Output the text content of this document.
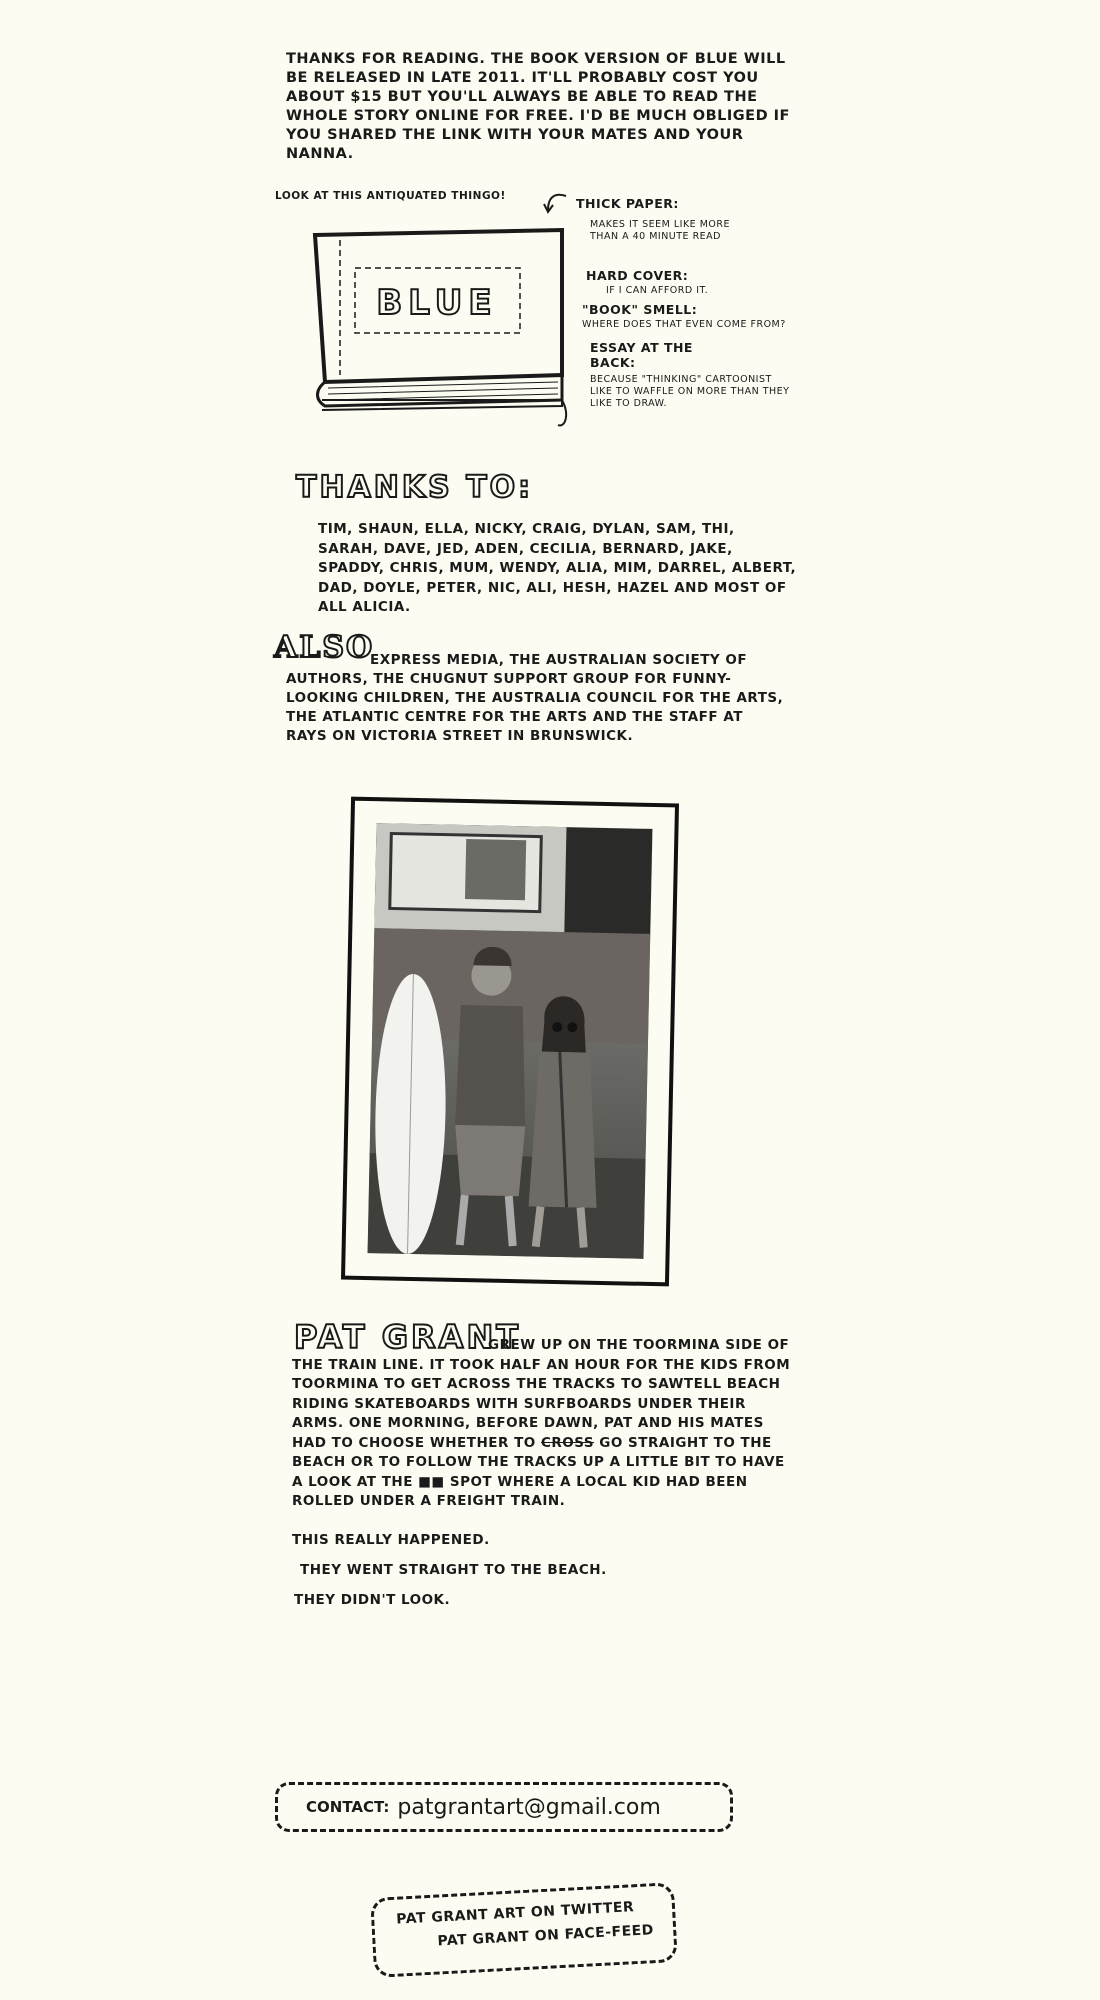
THANKS FOR READING. THE BOOK VERSION OF BLUE WILL BE RELEASED IN LATE 2011. IT'LL PROBABLY COST YOU ABOUT $15 BUT YOU'LL ALWAYS BE ABLE TO READ THE WHOLE STORY ONLINE FOR FREE. I'D BE MUCH OBLIGED IF YOU SHARED THE LINK WITH YOUR MATES AND YOUR NANNA.
LOOK AT THIS ANTIQUATED THINGO!
BLUE
THICK PAPER:
MAKES IT SEEM LIKE MORE THAN A 40 MINUTE READ
HARD COVER:
IF I CAN AFFORD IT.
"BOOK" SMELL:
WHERE DOES THAT EVEN COME FROM?
ESSAY AT THE BACK:
BECAUSE "THINKING" CARTOONIST LIKE TO WAFFLE ON MORE THAN THEY LIKE TO DRAW.
THANKS TO:
TIM, SHAUN, ELLA, NICKY, CRAIG, DYLAN, SAM, THI, SARAH, DAVE, JED, ADEN, CECILIA, BERNARD, JAKE, SPADDY, CHRIS, MUM, WENDY, ALIA, MIM, DARREL, ALBERT, DAD, DOYLE, PETER, NIC, ALI, HESH, HAZEL AND MOST OF ALL ALICIA.
ALSO
EXPRESS MEDIA, THE AUSTRALIAN SOCIETY OF AUTHORS, THE CHUGNUT SUPPORT GROUP FOR FUNNY-LOOKING CHILDREN, THE AUSTRALIA COUNCIL FOR THE ARTS, THE ATLANTIC CENTRE FOR THE ARTS AND THE STAFF AT RAYS ON VICTORIA STREET IN BRUNSWICK.
PAT GRANT
GREW UP ON THE TOORMINA SIDE OF THE TRAIN LINE. IT TOOK HALF AN HOUR FOR THE KIDS FROM TOORMINA TO GET ACROSS THE TRACKS TO SAWTELL BEACH RIDING SKATEBOARDS WITH SURFBOARDS UNDER THEIR ARMS. ONE MORNING, BEFORE DAWN, PAT AND HIS MATES HAD TO CHOOSE WHETHER TO CROSS GO STRAIGHT TO THE BEACH OR TO FOLLOW THE TRACKS UP A LITTLE BIT TO HAVE A LOOK AT THE ■■ SPOT WHERE A LOCAL KID HAD BEEN ROLLED UNDER A FREIGHT TRAIN.
THIS REALLY HAPPENED.
THEY WENT STRAIGHT TO THE BEACH.
THEY DIDN'T LOOK.
CONTACT: patgrantart@gmail.com
PAT GRANT ART ON TWITTER
PAT GRANT ON FACE-FEED
